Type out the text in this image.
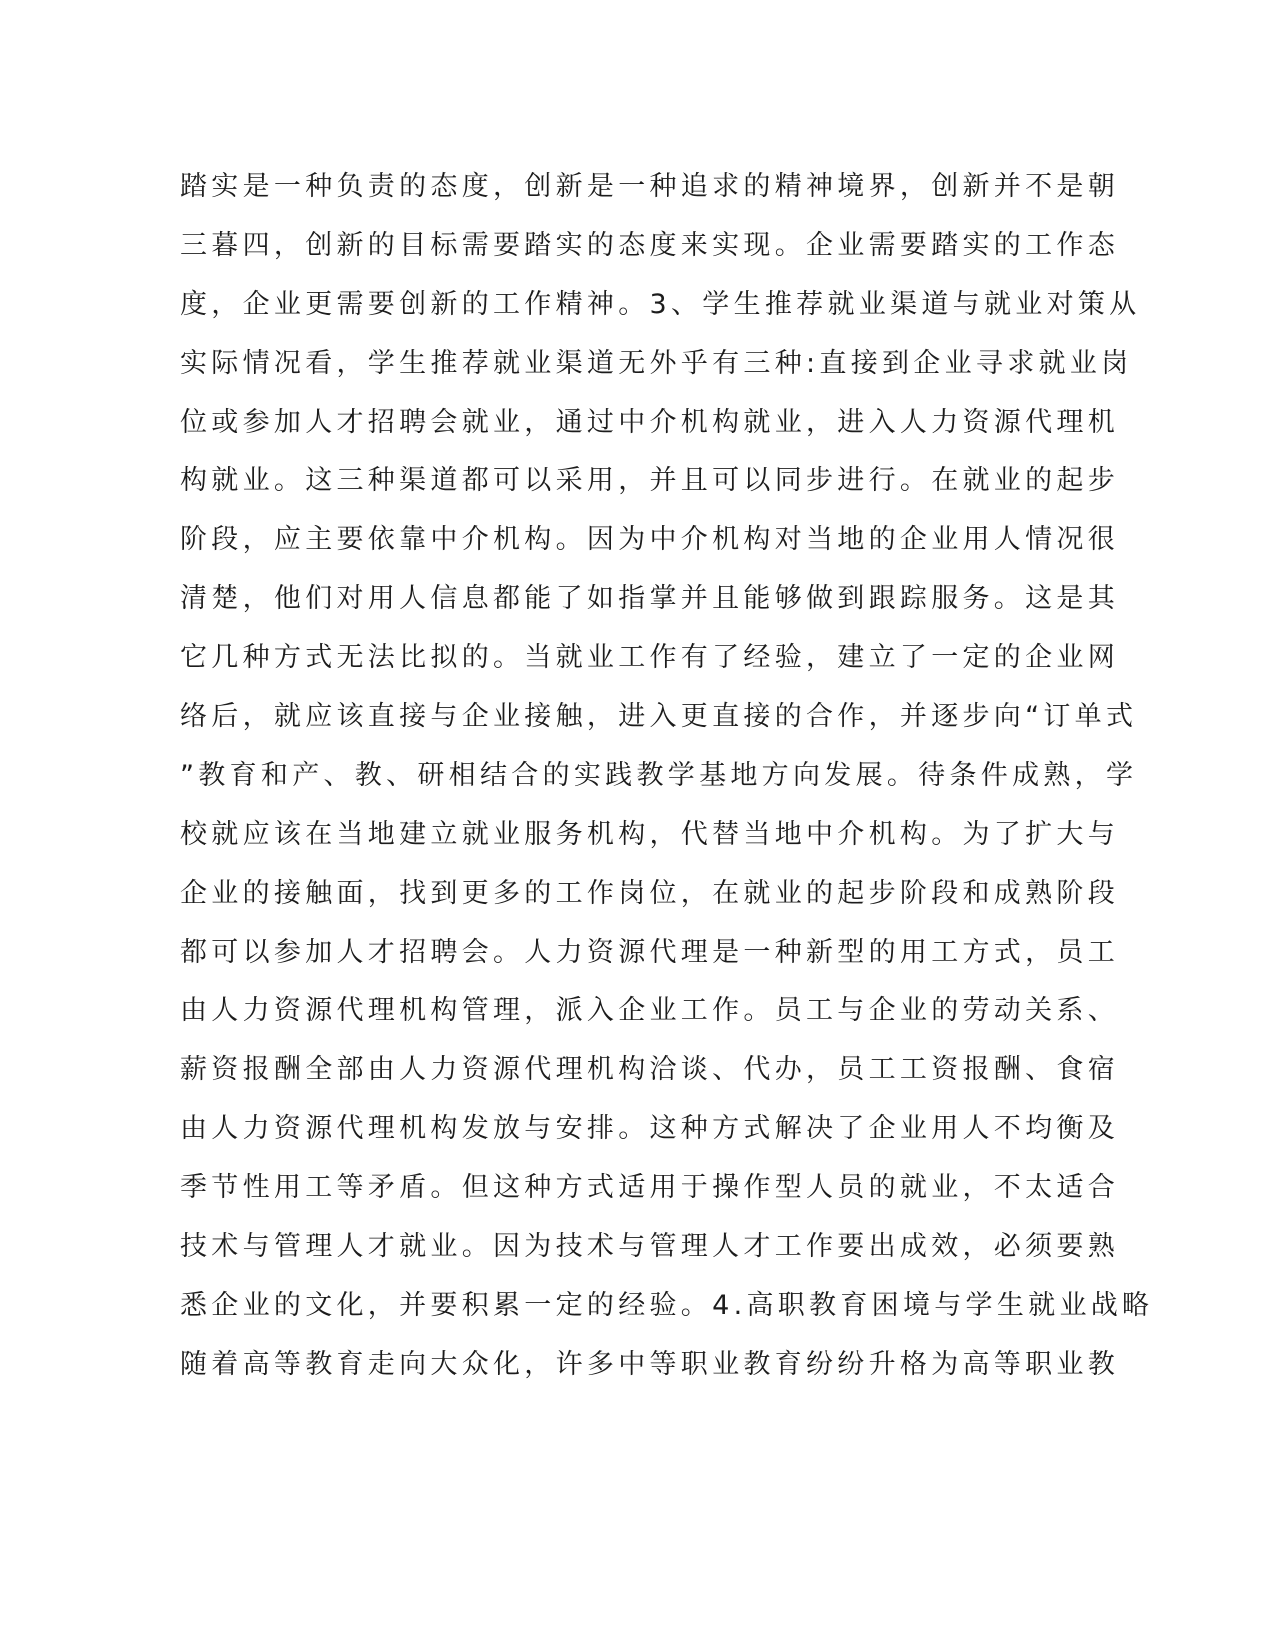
踏实是一种负责的态度，创新是一种追求的精神境界，创新并不是朝
三暮四，创新的目标需要踏实的态度来实现。企业需要踏实的工作态
度，企业更需要创新的工作精神。3、学生推荐就业渠道与就业对策从
实际情况看，学生推荐就业渠道无外乎有三种:直接到企业寻求就业岗
位或参加人才招聘会就业，通过中介机构就业，进入人力资源代理机
构就业。这三种渠道都可以采用，并且可以同步进行。在就业的起步
阶段，应主要依靠中介机构。因为中介机构对当地的企业用人情况很
清楚，他们对用人信息都能了如指掌并且能够做到跟踪服务。这是其
它几种方式无法比拟的。当就业工作有了经验，建立了一定的企业网
络后，就应该直接与企业接触，进入更直接的合作，并逐步向“订单式
”教育和产、教、研相结合的实践教学基地方向发展。待条件成熟，学
校就应该在当地建立就业服务机构，代替当地中介机构。为了扩大与
企业的接触面，找到更多的工作岗位，在就业的起步阶段和成熟阶段
都可以参加人才招聘会。人力资源代理是一种新型的用工方式，员工
由人力资源代理机构管理，派入企业工作。员工与企业的劳动关系、
薪资报酬全部由人力资源代理机构洽谈、代办，员工工资报酬、食宿
由人力资源代理机构发放与安排。这种方式解决了企业用人不均衡及
季节性用工等矛盾。但这种方式适用于操作型人员的就业，不太适合
技术与管理人才就业。因为技术与管理人才工作要出成效，必须要熟
悉企业的文化，并要积累一定的经验。4.高职教育困境与学生就业战略
随着高等教育走向大众化，许多中等职业教育纷纷升格为高等职业教
